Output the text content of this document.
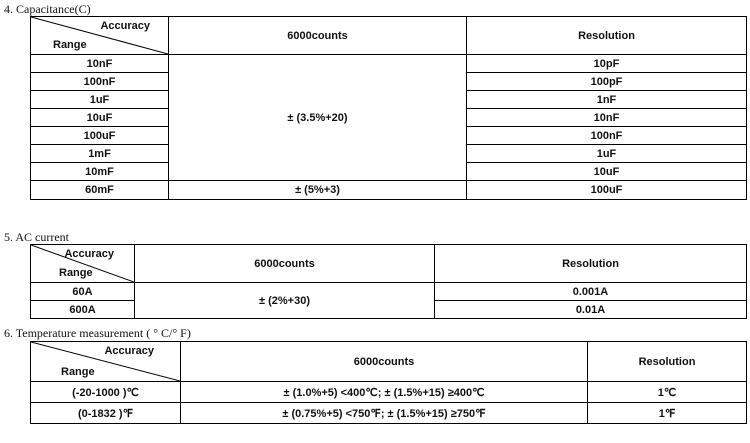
4. Capacitance(C)
Accuracy
Range	6000counts	Resolution
10nF	± (3.5%+20)	10pF
100nF		100pF
1uF		1nF
10uF		10nF
100uF		100nF
1mF		1uF
10mF		10uF
60mF	± (5%+3)	100uF
5. AC current
Accuracy
Range	6000counts	Resolution
60A	± (2%+30)	0.001A
600A		0.01A
6. Temperature measurement ( ° C/° F)
Accuracy
Range	6000counts	Resolution
(-20-1000 )℃	± (1.0%+5) <400℃; ± (1.5%+15) ≥400℃	1℃
(0-1832 )℉	± (0.75%+5) <750℉; ± (1.5%+15) ≥750℉	1℉
